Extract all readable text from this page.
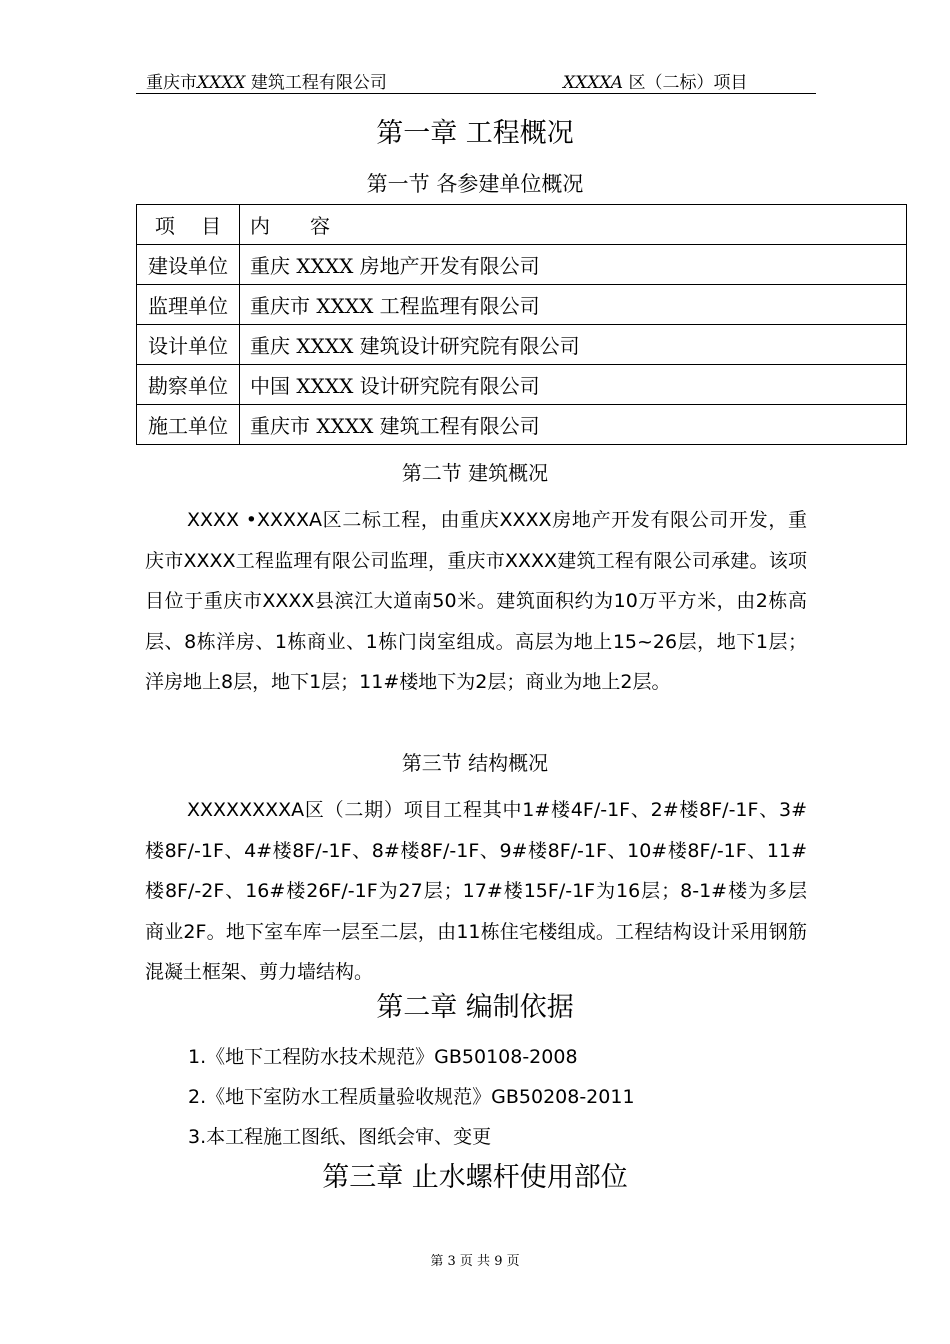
重庆市XXXX 建筑工程有限公司	XXXXA 区（二标）项目
第一章 工程概况
第一节 各参建单位概况
项　 目	内　　容
建设单位	重庆 XXXX 房地产开发有限公司
监理单位	重庆市 XXXX 工程监理有限公司
设计单位	重庆 XXXX 建筑设计研究院有限公司
勘察单位	中国 XXXX 设计研究院有限公司
施工单位	重庆市 XXXX 建筑工程有限公司
第二节 建筑概况

XXXX •XXXXA区二标工程，由重庆XXXX房地产开发有限公司开发，重庆市XXXX工程监理有限公司监理，重庆市XXXX建筑工程有限公司承建。该项目位于重庆市XXXX县滨江大道南50米。建筑面积约为10万平方米，由2栋高层、8栋洋房、1栋商业、1栋门岗室组成。高层为地上15~26层，地下1层；洋房地上8层，地下1层；11#楼地下为2层；商业为地上2层。

第三节 结构概况

XXXXXXXXA区（二期）项目工程其中1#楼4F/-1F、2#楼8F/-1F、3#楼8F/-1F、4#楼8F/-1F、8#楼8F/-1F、9#楼8F/-1F、10#楼8F/-1F、11#楼8F/-2F、16#楼26F/-1F为27层；17#楼15F/-1F为16层；8-1#楼为多层商业2F。地下室车库一层至二层，由11栋住宅楼组成。工程结构设计采用钢筋混凝土框架、剪力墙结构。

第二章 编制依据
1.《地下工程防水技术规范》GB50108-2008
2.《地下室防水工程质量验收规范》GB50208-2011
3.本工程施工图纸、图纸会审、变更
第三章 止水螺杆使用部位
第 3 页 共 9 页
